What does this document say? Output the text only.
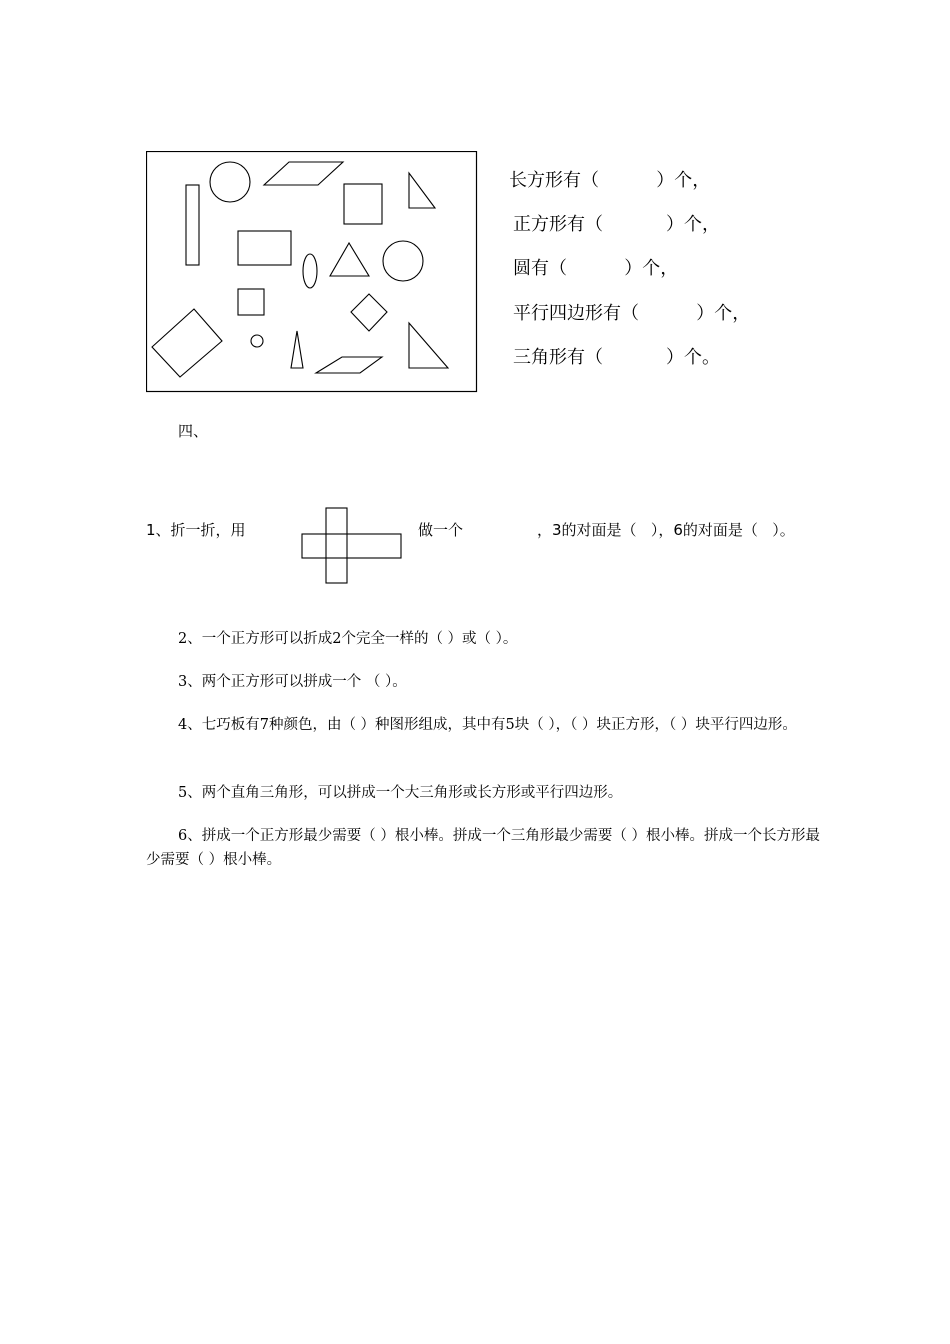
长方形有（          ）个，
正方形有（           ）个，
圆有（          ）个，
平行四边形有（          ）个，
三角形有（           ）个。
四、
1、折一折，用	做一个	，3的对面是（   ），6的对面是（   ）。
2、一个正方形可以折成2个完全一样的（ ）或（ ）。
3、两个正方形可以拼成一个 （ ）。
4、七巧板有7种颜色，由（ ）种图形组成，其中有5块（ ），（ ）块正方形，（ ）块平行四边形。
5、两个直角三角形，可以拼成一个大三角形或长方形或平行四边形。
6、拼成一个正方形最少需要（ ）根小棒。拼成一个三角形最少需要（ ）根小棒。拼成一个长方形最少需要（ ）根小棒。
